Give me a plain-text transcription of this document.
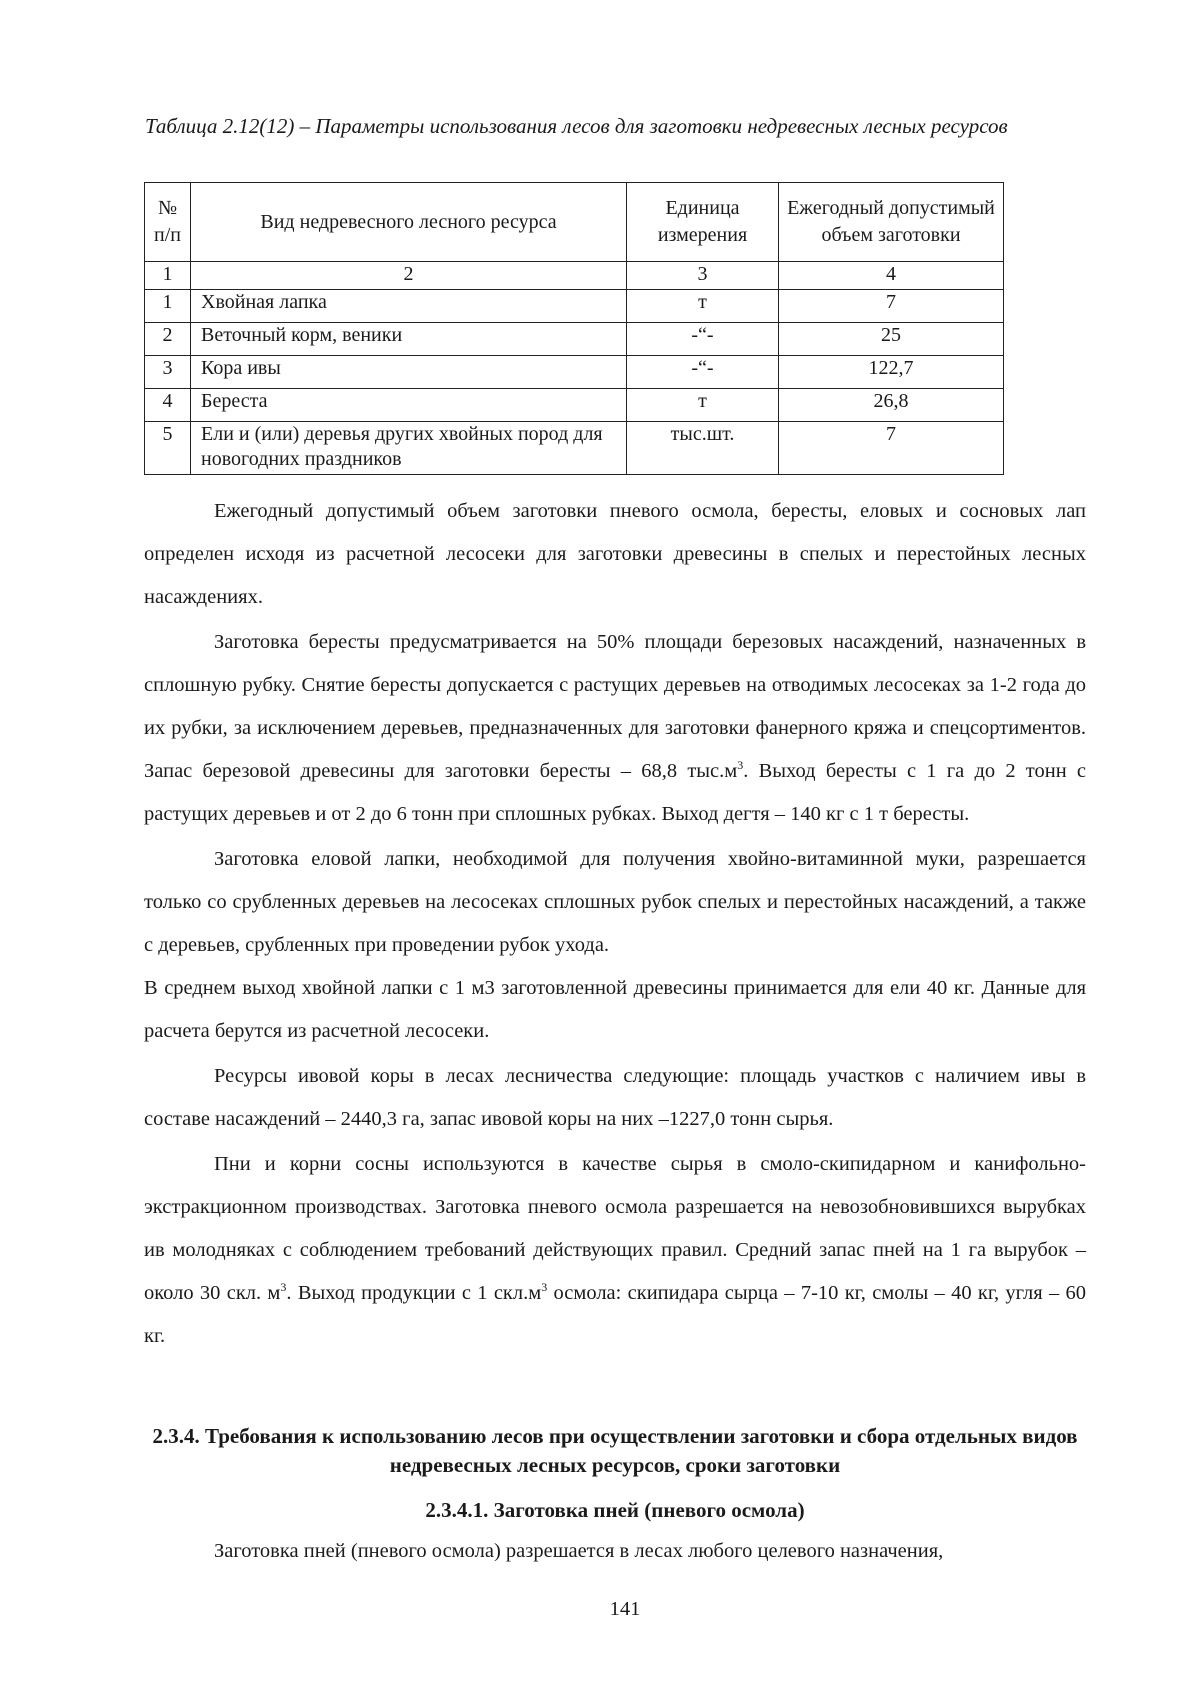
Таблица 2.12(12) – Параметры использования лесов для заготовки недревесных лесных ресурсов

№ п/п	Вид недревесного лесного ресурса	Единица измерения	Ежегодный допустимый объем заготовки
1	2	3	4
1	Хвойная лапка	т	7
2	Веточный корм, веники	-“-	25
3	Кора ивы	-“-	122,7
4	Береста	т	26,8
5	Ели и (или) деревья других хвойных пород для новогодних праздников	тыс.шт.	7

Ежегодный допустимый объем заготовки пневого осмола, бересты, еловых и сосновых лап определен исходя из расчетной лесосеки для заготовки древесины в спелых и перестойных лесных насаждениях.

Заготовка бересты предусматривается на 50% площади березовых насаждений, назначенных в сплошную рубку. Снятие бересты допускается с растущих деревьев на отводимых лесосеках за 1-2 года до их рубки, за исключением деревьев, предназначенных для заготовки фанерного кряжа и спецсортиментов. Запас березовой древесины для заготовки бересты – 68,8 $тыс.м^3$. Выход бересты с 1 га до 2 тонн с растущих деревьев и от 2 до 6 тонн при сплошных рубках. Выход дегтя – 140 кг с 1 т бересты.

Заготовка еловой лапки, необходимой для получения хвойно-витаминной муки, разрешается только со срубленных деревьев на лесосеках сплошных рубок спелых и перестойных насаждений, а также с деревьев, срубленных при проведении рубок ухода.

В среднем выход хвойной лапки с 1 м3 заготовленной древесины принимается для ели 40 кг. Данные для расчета берутся из расчетной лесосеки.

Ресурсы ивовой коры в лесах лесничества следующие: площадь участков с наличием ивы в составе насаждений – 2440,3 га, запас ивовой коры на них –1227,0 тонн сырья.

Пни и корни сосны используются в качестве сырья в смоло-скипидарном и канифольно-экстракционном производствах. Заготовка пневого осмола разрешается на невозобновившихся вырубках ив молодняках с соблюдением требований действующих правил. Средний запас пней на 1 га вырубок – около 30 скл. $м^3$. Выход продукции с 1 $скл.м^3$ осмола: скипидара сырца – 7-10 кг, смолы – 40 кг, угля – 60 кг.

2.3.4. Требования к использованию лесов при осуществлении заготовки и сбора отдельных видов недревесных лесных ресурсов, сроки заготовки

2.3.4.1. Заготовка пней (пневого осмола)

Заготовка пней (пневого осмола) разрешается в лесах любого целевого назначения,

141
